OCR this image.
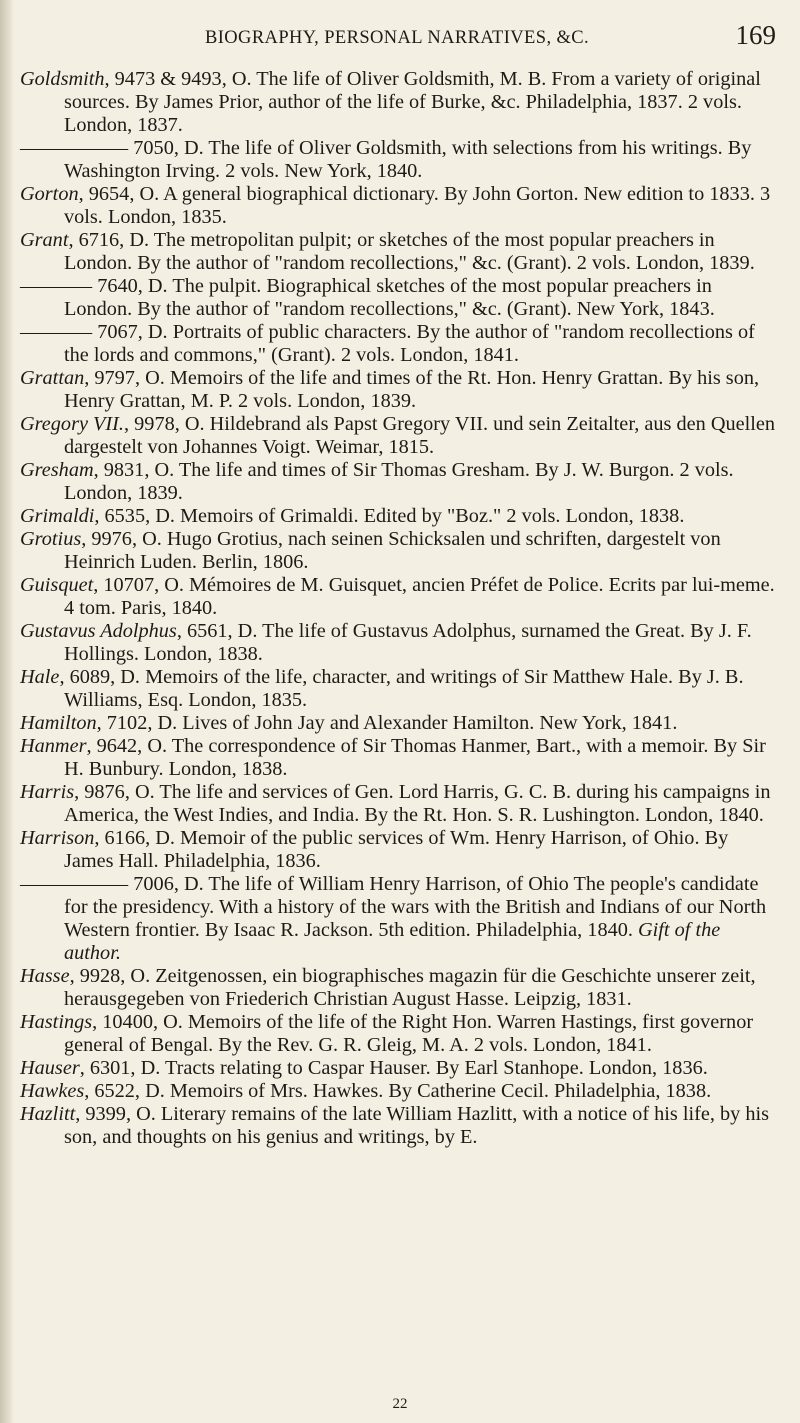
BIOGRAPHY, PERSONAL NARRATIVES, &C.	169

Goldsmith, 9473 & 9493, O. The life of Oliver Goldsmith, M. B. From a variety of original sources. By James Prior, author of the life of Burke, &c. Philadelphia, 1837. 2 vols. London, 1837.

—————— 7050, D. The life of Oliver Goldsmith, with selections from his writings. By Washington Irving. 2 vols. New York, 1840.

Gorton, 9654, O. A general biographical dictionary. By John Gorton. New edition to 1833. 3 vols. London, 1835.

Grant, 6716, D. The metropolitan pulpit; or sketches of the most popular preachers in London. By the author of "random recollections," &c. (Grant). 2 vols. London, 1839.

———— 7640, D. The pulpit. Biographical sketches of the most popular preachers in London. By the author of "random recollections," &c. (Grant). New York, 1843.

———— 7067, D. Portraits of public characters. By the author of "random recollections of the lords and commons," (Grant). 2 vols. London, 1841.

Grattan, 9797, O. Memoirs of the life and times of the Rt. Hon. Henry Grattan. By his son, Henry Grattan, M. P. 2 vols. London, 1839.

Gregory VII., 9978, O. Hildebrand als Papst Gregory VII. und sein Zeitalter, aus den Quellen dargestelt von Johannes Voigt. Weimar, 1815.

Gresham, 9831, O. The life and times of Sir Thomas Gresham. By J. W. Burgon. 2 vols. London, 1839.

Grimaldi, 6535, D. Memoirs of Grimaldi. Edited by "Boz." 2 vols. London, 1838.

Grotius, 9976, O. Hugo Grotius, nach seinen Schicksalen und schriften, dargestelt von Heinrich Luden. Berlin, 1806.

Guisquet, 10707, O. Mémoires de M. Guisquet, ancien Préfet de Police. Ecrits par lui-meme. 4 tom. Paris, 1840.

Gustavus Adolphus, 6561, D. The life of Gustavus Adolphus, surnamed the Great. By J. F. Hollings. London, 1838.

Hale, 6089, D. Memoirs of the life, character, and writings of Sir Matthew Hale. By J. B. Williams, Esq. London, 1835.

Hamilton, 7102, D. Lives of John Jay and Alexander Hamilton. New York, 1841.

Hanmer, 9642, O. The correspondence of Sir Thomas Hanmer, Bart., with a memoir. By Sir H. Bunbury. London, 1838.

Harris, 9876, O. The life and services of Gen. Lord Harris, G. C. B. during his campaigns in America, the West Indies, and India. By the Rt. Hon. S. R. Lushington. London, 1840.

Harrison, 6166, D. Memoir of the public services of Wm. Henry Harrison, of Ohio. By James Hall. Philadelphia, 1836.

—————— 7006, D. The life of William Henry Harrison, of Ohio The people's candidate for the presidency. With a history of the wars with the British and Indians of our North Western frontier. By Isaac R. Jackson. 5th edition. Philadelphia, 1840. Gift of the author.

Hasse, 9928, O. Zeitgenossen, ein biographisches magazin für die Geschichte unserer zeit, herausgegeben von Friederich Christian August Hasse. Leipzig, 1831.

Hastings, 10400, O. Memoirs of the life of the Right Hon. Warren Hastings, first governor general of Bengal. By the Rev. G. R. Gleig, M. A. 2 vols. London, 1841.

Hauser, 6301, D. Tracts relating to Caspar Hauser. By Earl Stanhope. London, 1836.

Hawkes, 6522, D. Memoirs of Mrs. Hawkes. By Catherine Cecil. Philadelphia, 1838.

Hazlitt, 9399, O. Literary remains of the late William Hazlitt, with a notice of his life, by his son, and thoughts on his genius and writings, by E.

22
